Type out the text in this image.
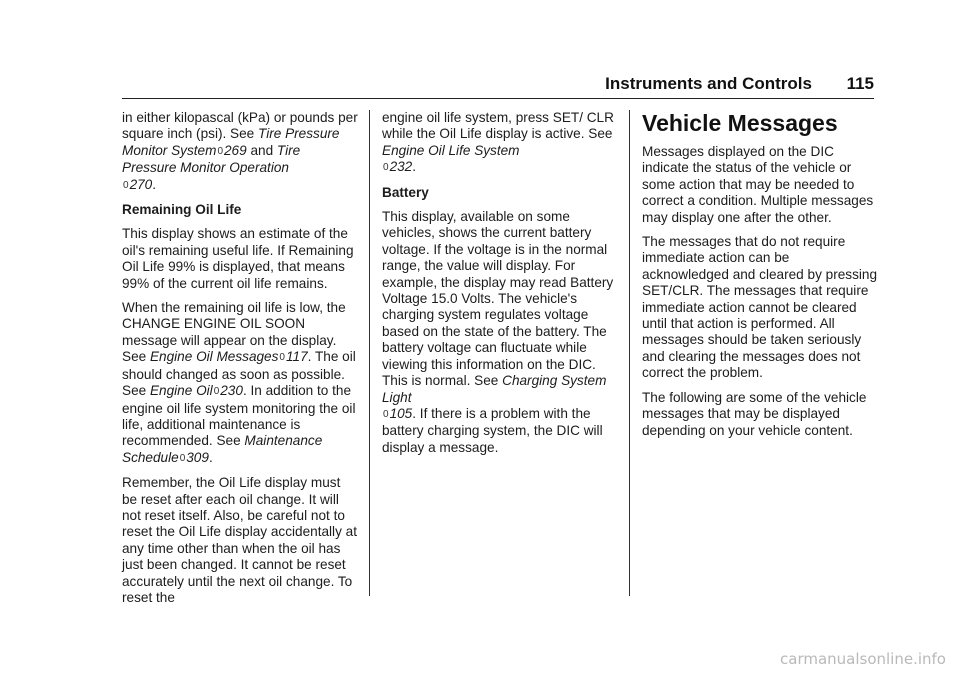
Instruments and Controls 115

in either kilopascal (kPa) or pounds per square inch (psi). See Tire Pressure Monitor System0269 and Tire Pressure Monitor Operation
0270.

Remaining Oil Life

This display shows an estimate of the oil's remaining useful life. If Remaining Oil Life 99% is displayed, that means 99% of the current oil life remains.

When the remaining oil life is low, the CHANGE ENGINE OIL SOON message will appear on the display. See Engine Oil Messages0117. The oil should changed as soon as possible. See Engine Oil0230. In addition to the engine oil life system monitoring the oil life, additional maintenance is recommended. See Maintenance Schedule0309.

Remember, the Oil Life display must be reset after each oil change. It will not reset itself. Also, be careful not to reset the Oil Life display accidentally at any time other than when the oil has just been changed. It cannot be reset accurately until the next oil change. To reset the

engine oil life system, press SET/ CLR while the Oil Life display is active. See Engine Oil Life System
0232.

Battery

This display, available on some vehicles, shows the current battery voltage. If the voltage is in the normal range, the value will display. For example, the display may read Battery Voltage 15.0 Volts. The vehicle's charging system regulates voltage based on the state of the battery. The battery voltage can fluctuate while viewing this information on the DIC. This is normal. See Charging System Light
0105. If there is a problem with the battery charging system, the DIC will display a message.

Vehicle Messages

Messages displayed on the DIC indicate the status of the vehicle or some action that may be needed to correct a condition. Multiple messages may display one after the other.

The messages that do not require immediate action can be acknowledged and cleared by pressing SET/CLR. The messages that require immediate action cannot be cleared until that action is performed. All messages should be taken seriously and clearing the messages does not correct the problem.

The following are some of the vehicle messages that may be displayed depending on your vehicle content.

carmanualsonline.info
